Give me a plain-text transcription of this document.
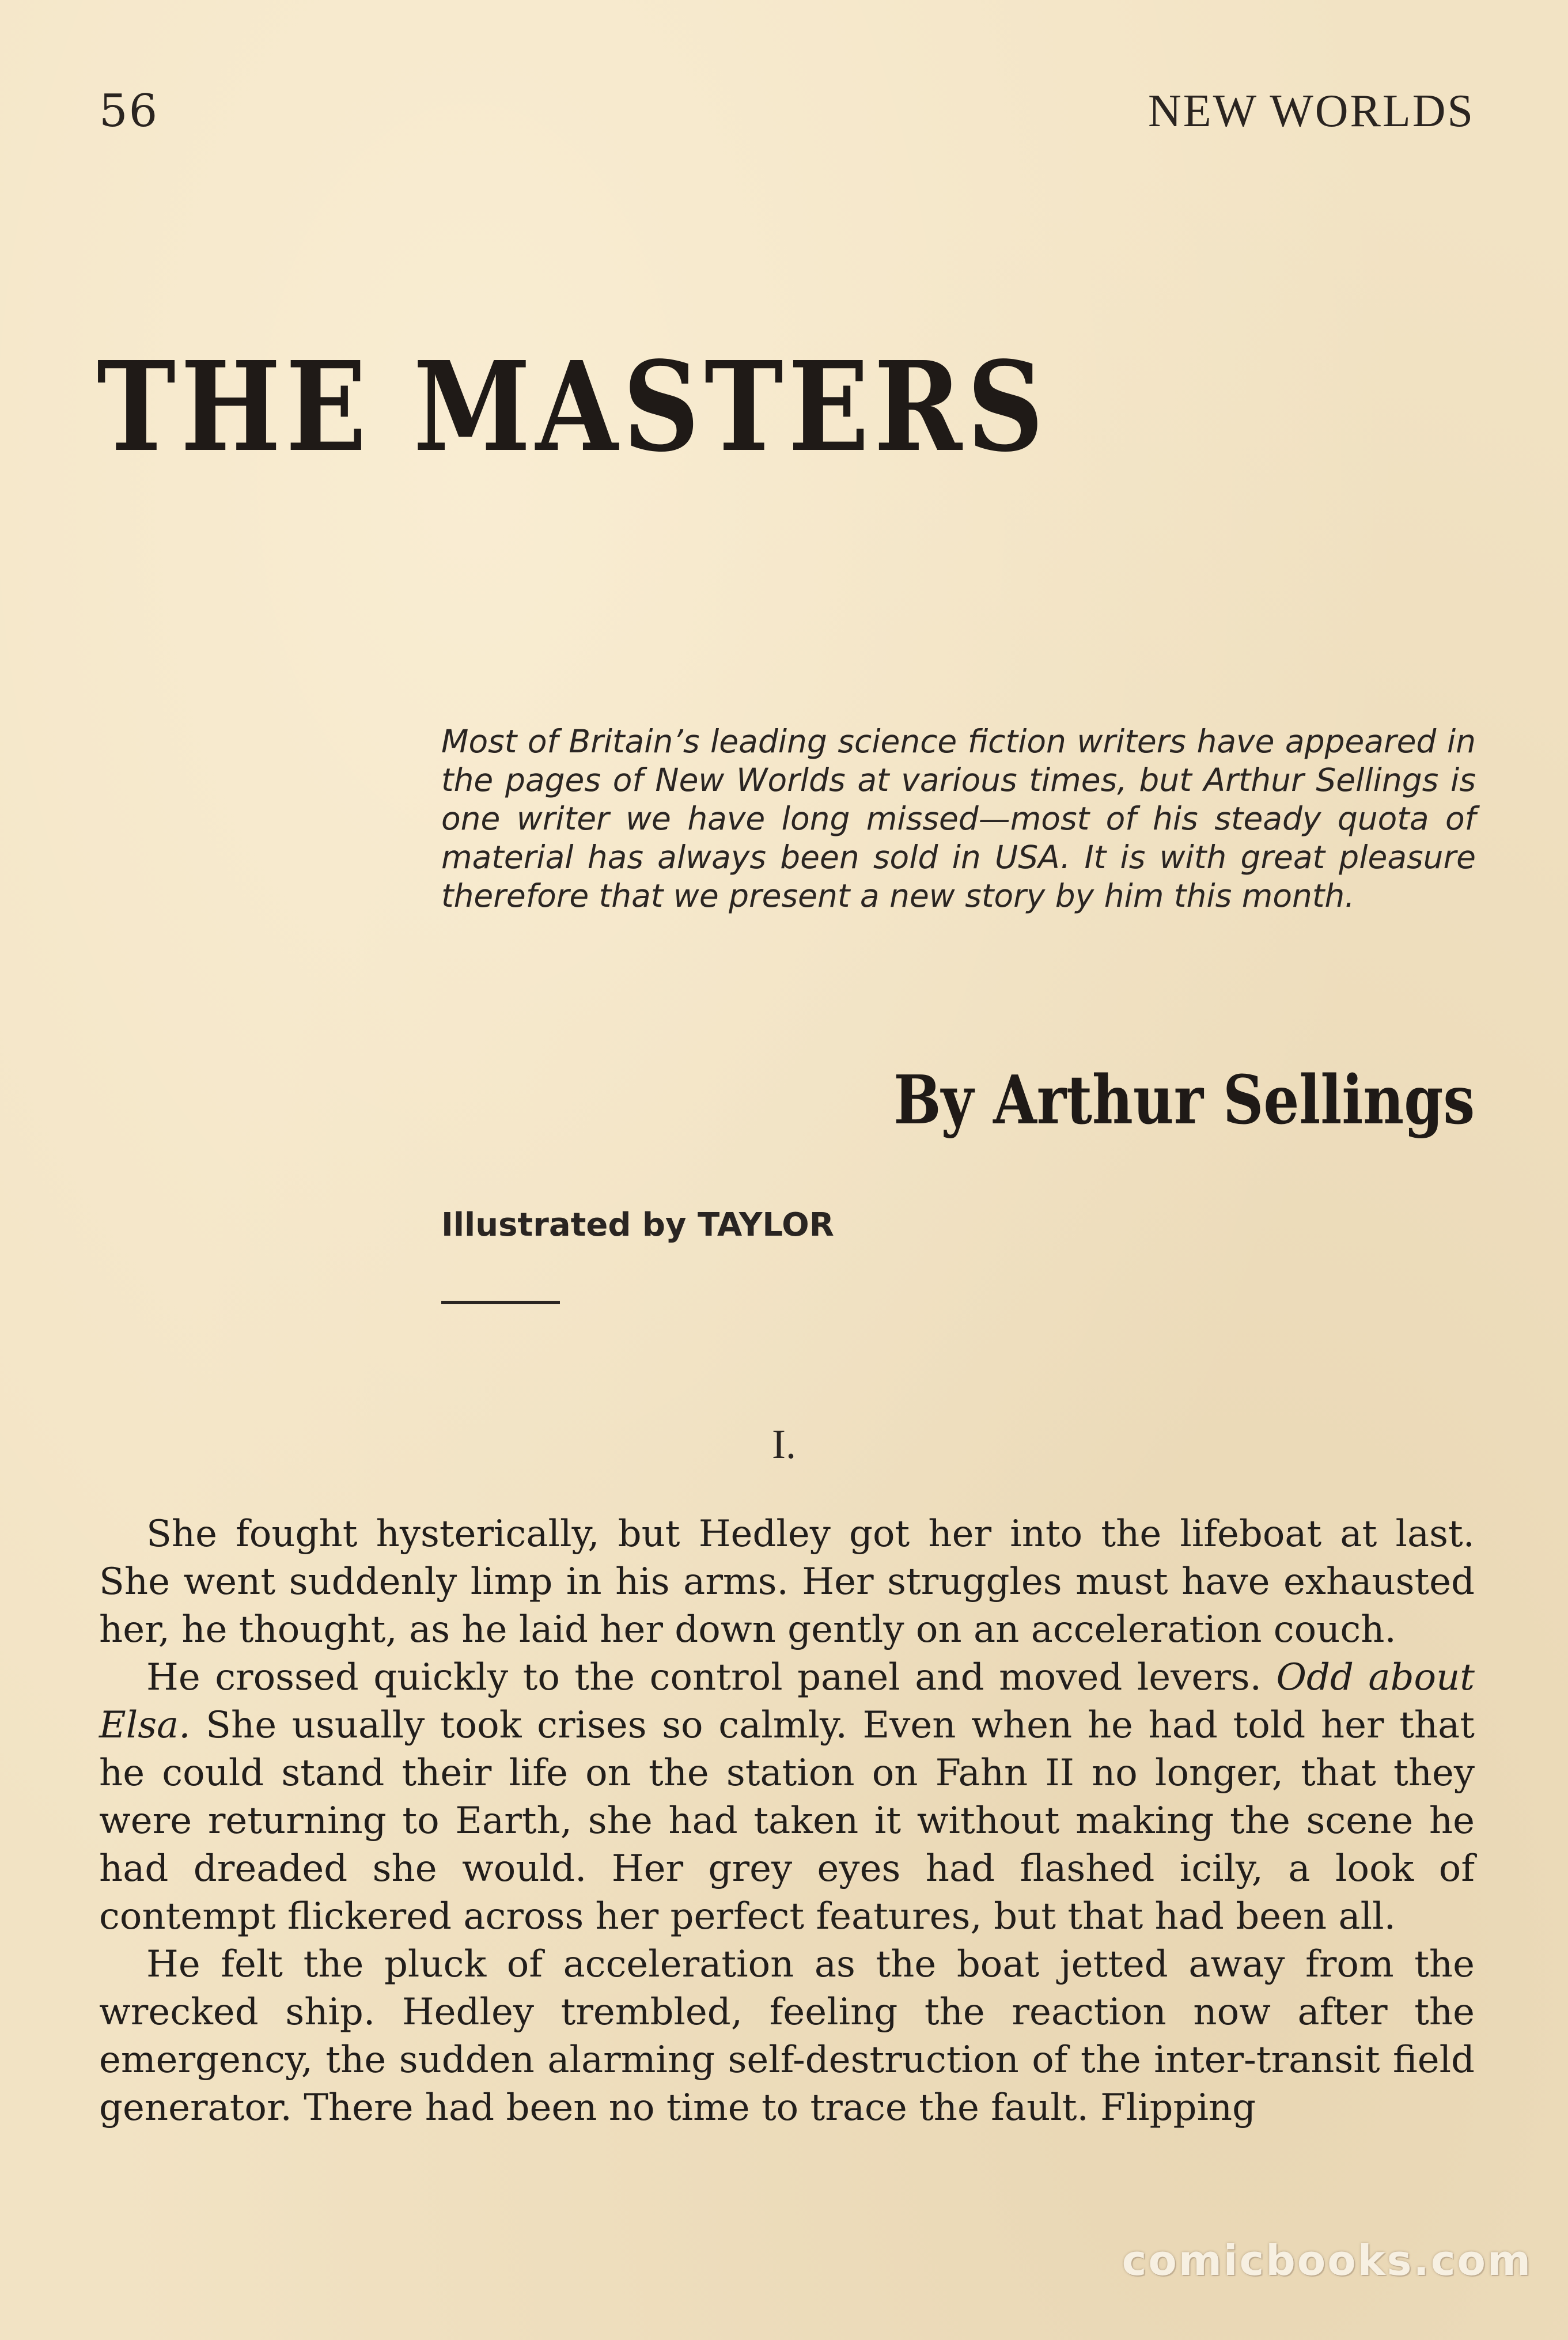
56	NEW WORLDS
THE MASTERS

Most of Britain’s leading science fiction writers have appeared in the pages of New Worlds at various times, but Arthur Sellings is one writer we have long missed—most of his steady quota of material has always been sold in USA. It is with great pleasure therefore that we present a new story by him this month.

By Arthur Sellings
Illustrated by TAYLOR
I.

She fought hysterically, but Hedley got her into the lifeboat at last. She went suddenly limp in his arms. Her struggles must have exhausted her, he thought, as he laid her down gently on an acceleration couch.

He crossed quickly to the control panel and moved levers. Odd about Elsa. She usually took crises so calmly. Even when he had told her that he could stand their life on the station on Fahn II no longer, that they were returning to Earth, she had taken it without making the scene he had dreaded she would. Her grey eyes had flashed icily, a look of contempt flickered across her perfect features, but that had been all.

He felt the pluck of acceleration as the boat jetted away from the wrecked ship. Hedley trembled, feeling the reaction now after the emergency, the sudden alarming self-destruction of the inter-transit field generator. There had been no time to trace the fault. Flipping

comicbooks.com
